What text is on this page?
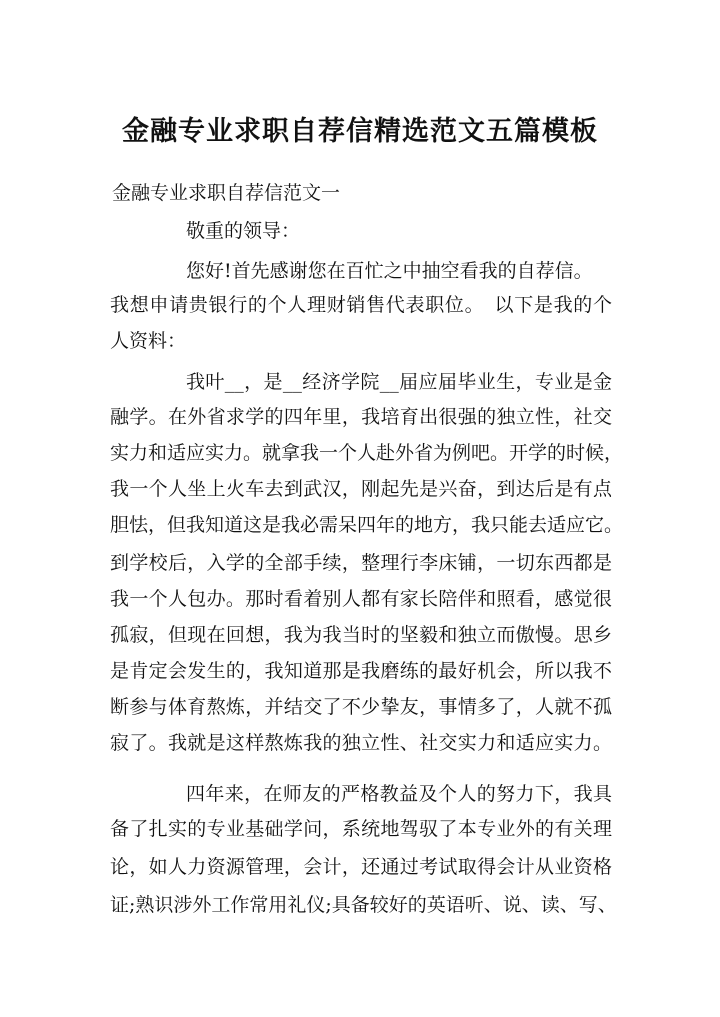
金融专业求职自荐信精选范文五篇模板
金融专业求职自荐信范文一
敬重的领导：
您好!首先感谢您在百忙之中抽空看我的自荐信。
我想申请贵银行的个人理财销售代表职位。　以下是我的个
人资料：
我叶__，是__经济学院__届应届毕业生，专业是金
融学。在外省求学的四年里，我培育出很强的独立性，社交
实力和适应实力。就拿我一个人赴外省为例吧。开学的时候，
我一个人坐上火车去到武汉，刚起先是兴奋，到达后是有点
胆怯，但我知道这是我必需呆四年的地方，我只能去适应它。
到学校后，入学的全部手续，整理行李床铺，一切东西都是
我一个人包办。那时看着别人都有家长陪伴和照看，感觉很
孤寂，但现在回想，我为我当时的坚毅和独立而傲慢。思乡
是肯定会发生的，我知道那是我磨练的最好机会，所以我不
断参与体育熬炼，并结交了不少挚友，事情多了，人就不孤
寂了。我就是这样熬炼我的独立性、社交实力和适应实力。
四年来，在师友的严格教益及个人的努力下，我具
备了扎实的专业基础学问，系统地驾驭了本专业外的有关理
论，如人力资源管理，会计，还通过考试取得会计从业资格
证;熟识涉外工作常用礼仪;具备较好的英语听、说、读、写、
